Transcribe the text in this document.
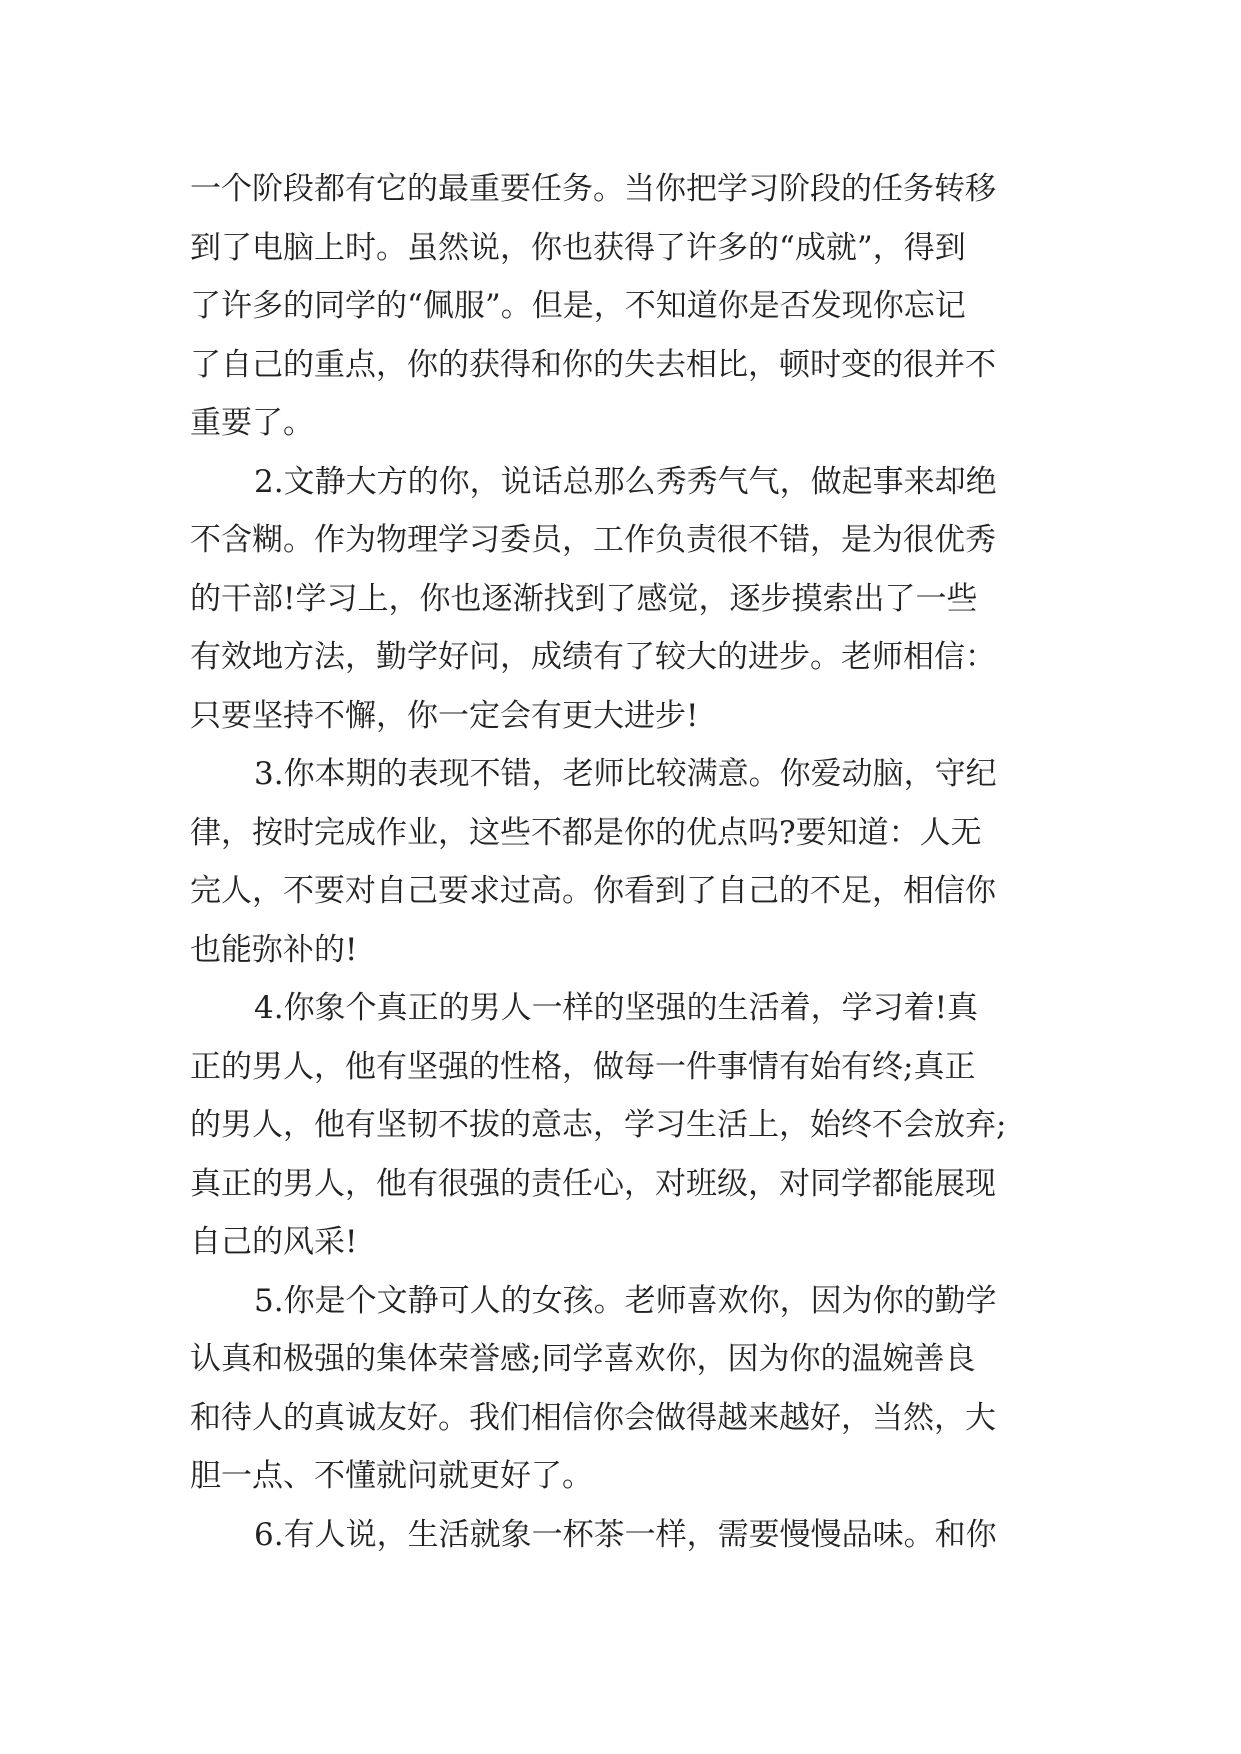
一个阶段都有它的最重要任务。当你把学习阶段的任务转移
到了电脑上时。虽然说，你也获得了许多的“成就”，得到
了许多的同学的“佩服”。但是，不知道你是否发现你忘记
了自己的重点，你的获得和你的失去相比，顿时变的很并不
重要了。
2.文静大方的你，说话总那么秀秀气气，做起事来却绝
不含糊。作为物理学习委员，工作负责很不错，是为很优秀
的干部!学习上，你也逐渐找到了感觉，逐步摸索出了一些
有效地方法，勤学好问，成绩有了较大的进步。老师相信：
只要坚持不懈，你一定会有更大进步!
3.你本期的表现不错，老师比较满意。你爱动脑，守纪
律，按时完成作业，这些不都是你的优点吗?要知道：人无
完人，不要对自己要求过高。你看到了自己的不足，相信你
也能弥补的!
4.你象个真正的男人一样的坚强的生活着，学习着!真
正的男人，他有坚强的性格，做每一件事情有始有终;真正
的男人，他有坚韧不拔的意志，学习生活上，始终不会放弃;
真正的男人，他有很强的责任心，对班级，对同学都能展现
自己的风采!
5.你是个文静可人的女孩。老师喜欢你，因为你的勤学
认真和极强的集体荣誉感;同学喜欢你，因为你的温婉善良
和待人的真诚友好。我们相信你会做得越来越好，当然，大
胆一点、不懂就问就更好了。
6.有人说，生活就象一杯茶一样，需要慢慢品味。和你
